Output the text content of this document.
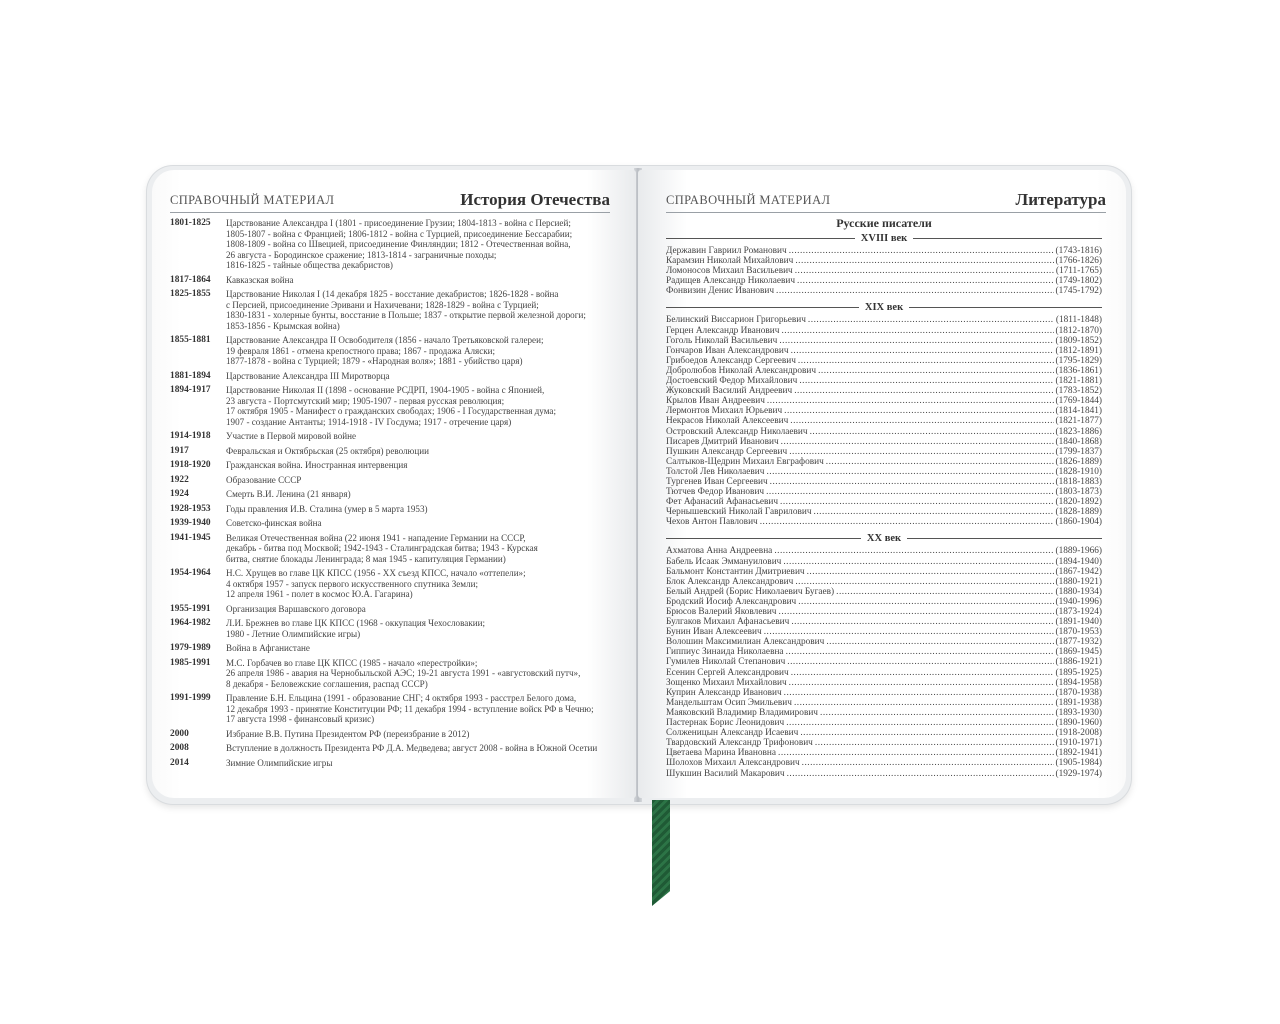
СПРАВОЧНЫЙ МАТЕРИАЛ	История Отечества
1801-1825	Царствование Александра I (1801 - присоединение Грузии; 1804-1813 - война с Персией;
1805-1807 - война с Францией; 1806-1812 - война с Турцией, присоединение Бессарабии;
1808-1809 - война со Швецией, присоединение Финляндии; 1812 - Отечественная война,
26 августа - Бородинское сражение; 1813-1814 - заграничные походы;
1816-1825 - тайные общества декабристов)
1817-1864	Кавказская война
1825-1855	Царствование Николая I (14 декабря 1825 - восстание декабристов; 1826-1828 - война
с Персией, присоединение Эривани и Нахичевани; 1828-1829 - война с Турцией;
1830-1831 - холерные бунты, восстание в Польше; 1837 - открытие первой железной дороги;
1853-1856 - Крымская война)
1855-1881	Царствование Александра II Освободителя (1856 - начало Третьяковской галереи;
19 февраля 1861 - отмена крепостного права; 1867 - продажа Аляски;
1877-1878 - война с Турцией; 1879 - «Народная воля»; 1881 - убийство царя)
1881-1894	Царствование Александра III Миротворца
1894-1917	Царствование Николая II (1898 - основание РСДРП, 1904-1905 - война с Японией,
23 августа - Портсмутский мир; 1905-1907 - первая русская революция;
17 октября 1905 - Манифест о гражданских свободах; 1906 - I Государственная дума;
1907 - создание Антанты; 1914-1918 - IV Госдума; 1917 - отречение царя)
1914-1918	Участие в Первой мировой войне
1917	Февральская и Октябрьская (25 октября) революции
1918-1920	Гражданская война. Иностранная интервенция
1922	Образование СССР
1924	Смерть В.И. Ленина (21 января)
1928-1953	Годы правления И.В. Сталина (умер в 5 марта 1953)
1939-1940	Советско-финская война
1941-1945	Великая Отечественная война (22 июня 1941 - нападение Германии на СССР,
декабрь - битва под Москвой; 1942-1943 - Сталинградская битва; 1943 - Курская
битва, снятие блокады Ленинграда; 8 мая 1945 - капитуляция Германии)
1954-1964	Н.С. Хрущев во главе ЦК КПСС (1956 - XX съезд КПСС, начало «оттепели»;
4 октября 1957 - запуск первого искусственного спутника Земли;
12 апреля 1961 - полет в космос Ю.А. Гагарина)
1955-1991	Организация Варшавского договора
1964-1982	Л.И. Брежнев во главе ЦК КПСС (1968 - оккупация Чехословакии;
1980 - Летние Олимпийские игры)
1979-1989	Война в Афганистане
1985-1991	М.С. Горбачев во главе ЦК КПСС (1985 - начало «перестройки»;
26 апреля 1986 - авария на Чернобыльской АЭС; 19-21 августа 1991 - «августовский путч»,
8 декабря - Беловежские соглашения, распад СССР)
1991-1999	Правление Б.Н. Ельцина (1991 - образование СНГ; 4 октября 1993 - расстрел Белого дома,
12 декабря 1993 - принятие Конституции РФ; 11 декабря 1994 - вступление войск РФ в Чечню;
17 августа 1998 - финансовый кризис)
2000	Избрание В.В. Путина Президентом РФ (переизбрание в 2012)
2008	Вступление в должность Президента РФ Д.А. Медведева; август 2008 - война в Южной Осетии
2014	Зимние Олимпийские игры
СПРАВОЧНЫЙ МАТЕРИАЛ	Литература
Русские писатели
XVIII век
Державин Гавриил Романович .....	(1743-1816)
Карамзин Николай Михайлович .....	(1766-1826)
Ломоносов Михаил Васильевич .....	(1711-1765)
Радищев Александр Николаевич .....	(1749-1802)
Фонвизин Денис Иванович .....	(1745-1792)
XIX век
Белинский Виссарион Григорьевич .....	(1811-1848)
Герцен Александр Иванович .....	(1812-1870)
Гоголь Николай Васильевич .....	(1809-1852)
Гончаров Иван Александрович .....	(1812-1891)
Грибоедов Александр Сергеевич .....	(1795-1829)
Добролюбов Николай Александрович .....	(1836-1861)
Достоевский Федор Михайлович .....	(1821-1881)
Жуковский Василий Андреевич .....	(1783-1852)
Крылов Иван Андреевич .....	(1769-1844)
Лермонтов Михаил Юрьевич .....	(1814-1841)
Некрасов Николай Алексеевич .....	(1821-1877)
Островский Александр Николаевич .....	(1823-1886)
Писарев Дмитрий Иванович .....	(1840-1868)
Пушкин Александр Сергеевич .....	(1799-1837)
Салтыков-Щедрин Михаил Евграфович .....	(1826-1889)
Толстой Лев Николаевич .....	(1828-1910)
Тургенев Иван Сергеевич .....	(1818-1883)
Тютчев Федор Иванович .....	(1803-1873)
Фет Афанасий Афанасьевич .....	(1820-1892)
Чернышевский Николай Гаврилович .....	(1828-1889)
Чехов Антон Павлович .....	(1860-1904)
XX век
Ахматова Анна Андреевна .....	(1889-1966)
Бабель Исаак Эммануилович .....	(1894-1940)
Бальмонт Константин Дмитриевич .....	(1867-1942)
Блок Александр Александрович .....	(1880-1921)
Белый Андрей (Борис Николаевич Бугаев) .....	(1880-1934)
Бродский Иосиф Александрович .....	(1940-1996)
Брюсов Валерий Яковлевич .....	(1873-1924)
Булгаков Михаил Афанасьевич .....	(1891-1940)
Бунин Иван Алексеевич .....	(1870-1953)
Волошин Максимилиан Александрович .....	(1877-1932)
Гиппиус Зинаида Николаевна .....	(1869-1945)
Гумилев Николай Степанович .....	(1886-1921)
Есенин Сергей Александрович .....	(1895-1925)
Зощенко Михаил Михайлович .....	(1894-1958)
Куприн Александр Иванович .....	(1870-1938)
Мандельштам Осип Эмильевич .....	(1891-1938)
Маяковский Владимир Владимирович .....	(1893-1930)
Пастернак Борис Леонидович .....	(1890-1960)
Солженицын Александр Исаевич .....	(1918-2008)
Твардовский Александр Трифонович .....	(1910-1971)
Цветаева Марина Ивановна .....	(1892-1941)
Шолохов Михаил Александрович .....	(1905-1984)
Шукшин Василий Макарович .....	(1929-1974)
